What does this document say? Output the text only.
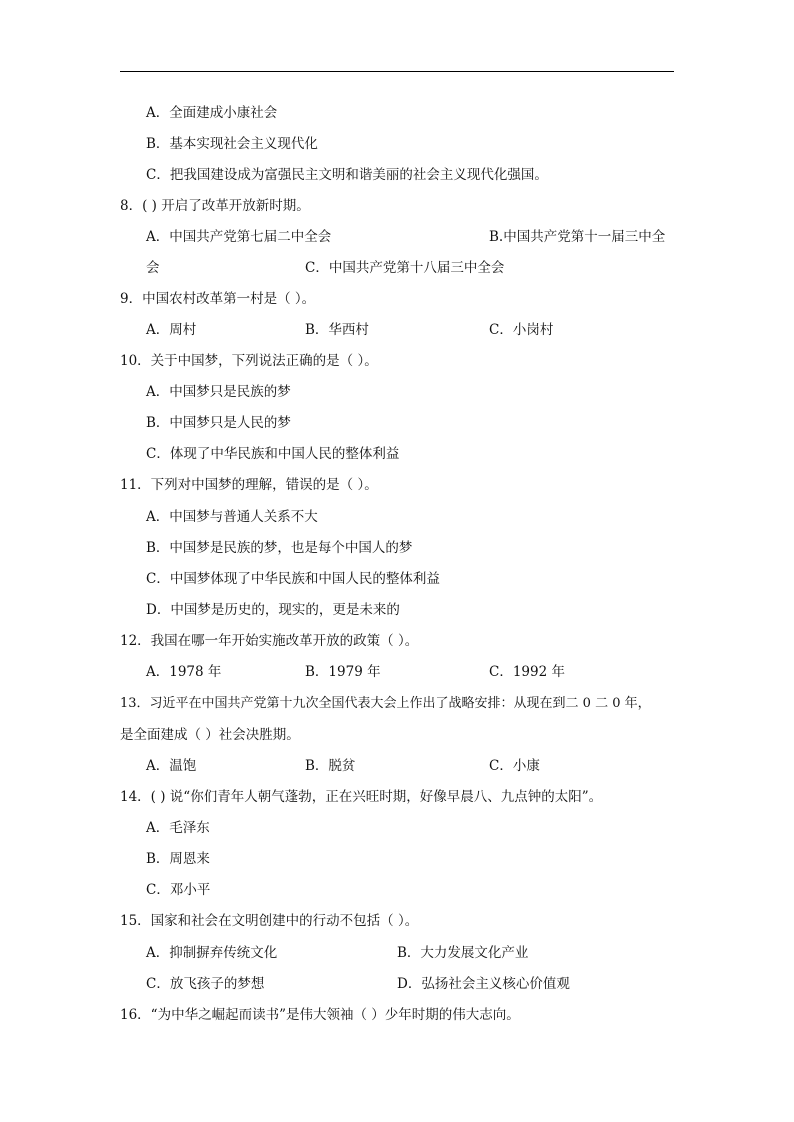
A．全面建成小康社会
B．基本实现社会主义现代化
C．把我国建设成为富强民主文明和谐美丽的社会主义现代化强国。
8．( ) 开启了改革开放新时期。
A．中国共产党第七届二中全会	B.中国共产党第十一届三中全
会	C．中国共产党第十八届三中全会
9．中国农村改革第一村是（ ）。
A．周村	B．华西村	C．小岗村
10．关于中国梦，下列说法正确的是（ ）。
A．中国梦只是民族的梦
B．中国梦只是人民的梦
C．体现了中华民族和中国人民的整体利益
11．下列对中国梦的理解，错误的是（ ）。
A．中国梦与普通人关系不大
B．中国梦是民族的梦，也是每个中国人的梦
C．中国梦体现了中华民族和中国人民的整体利益
D．中国梦是历史的，现实的，更是未来的
12．我国在哪一年开始实施改革开放的政策（ ）。
A．1978 年	B．1979 年	C．1992 年
13．习近平在中国共产党第十九次全国代表大会上作出了战略安排：从现在到二 0 二 0 年，
是全面建成（ ）社会决胜期。
A．温饱	B．脱贫	C．小康
14．( ) 说“你们青年人朝气蓬勃，正在兴旺时期，好像早晨八、九点钟的太阳”。
A．毛泽东
B．周恩来
C．邓小平
15．国家和社会在文明创建中的行动不包括（ ）。
A．抑制摒弃传统文化	B．大力发展文化产业
C．放飞孩子的梦想	D．弘扬社会主义核心价值观
16．“为中华之崛起而读书”是伟大领袖（ ）少年时期的伟大志向。
